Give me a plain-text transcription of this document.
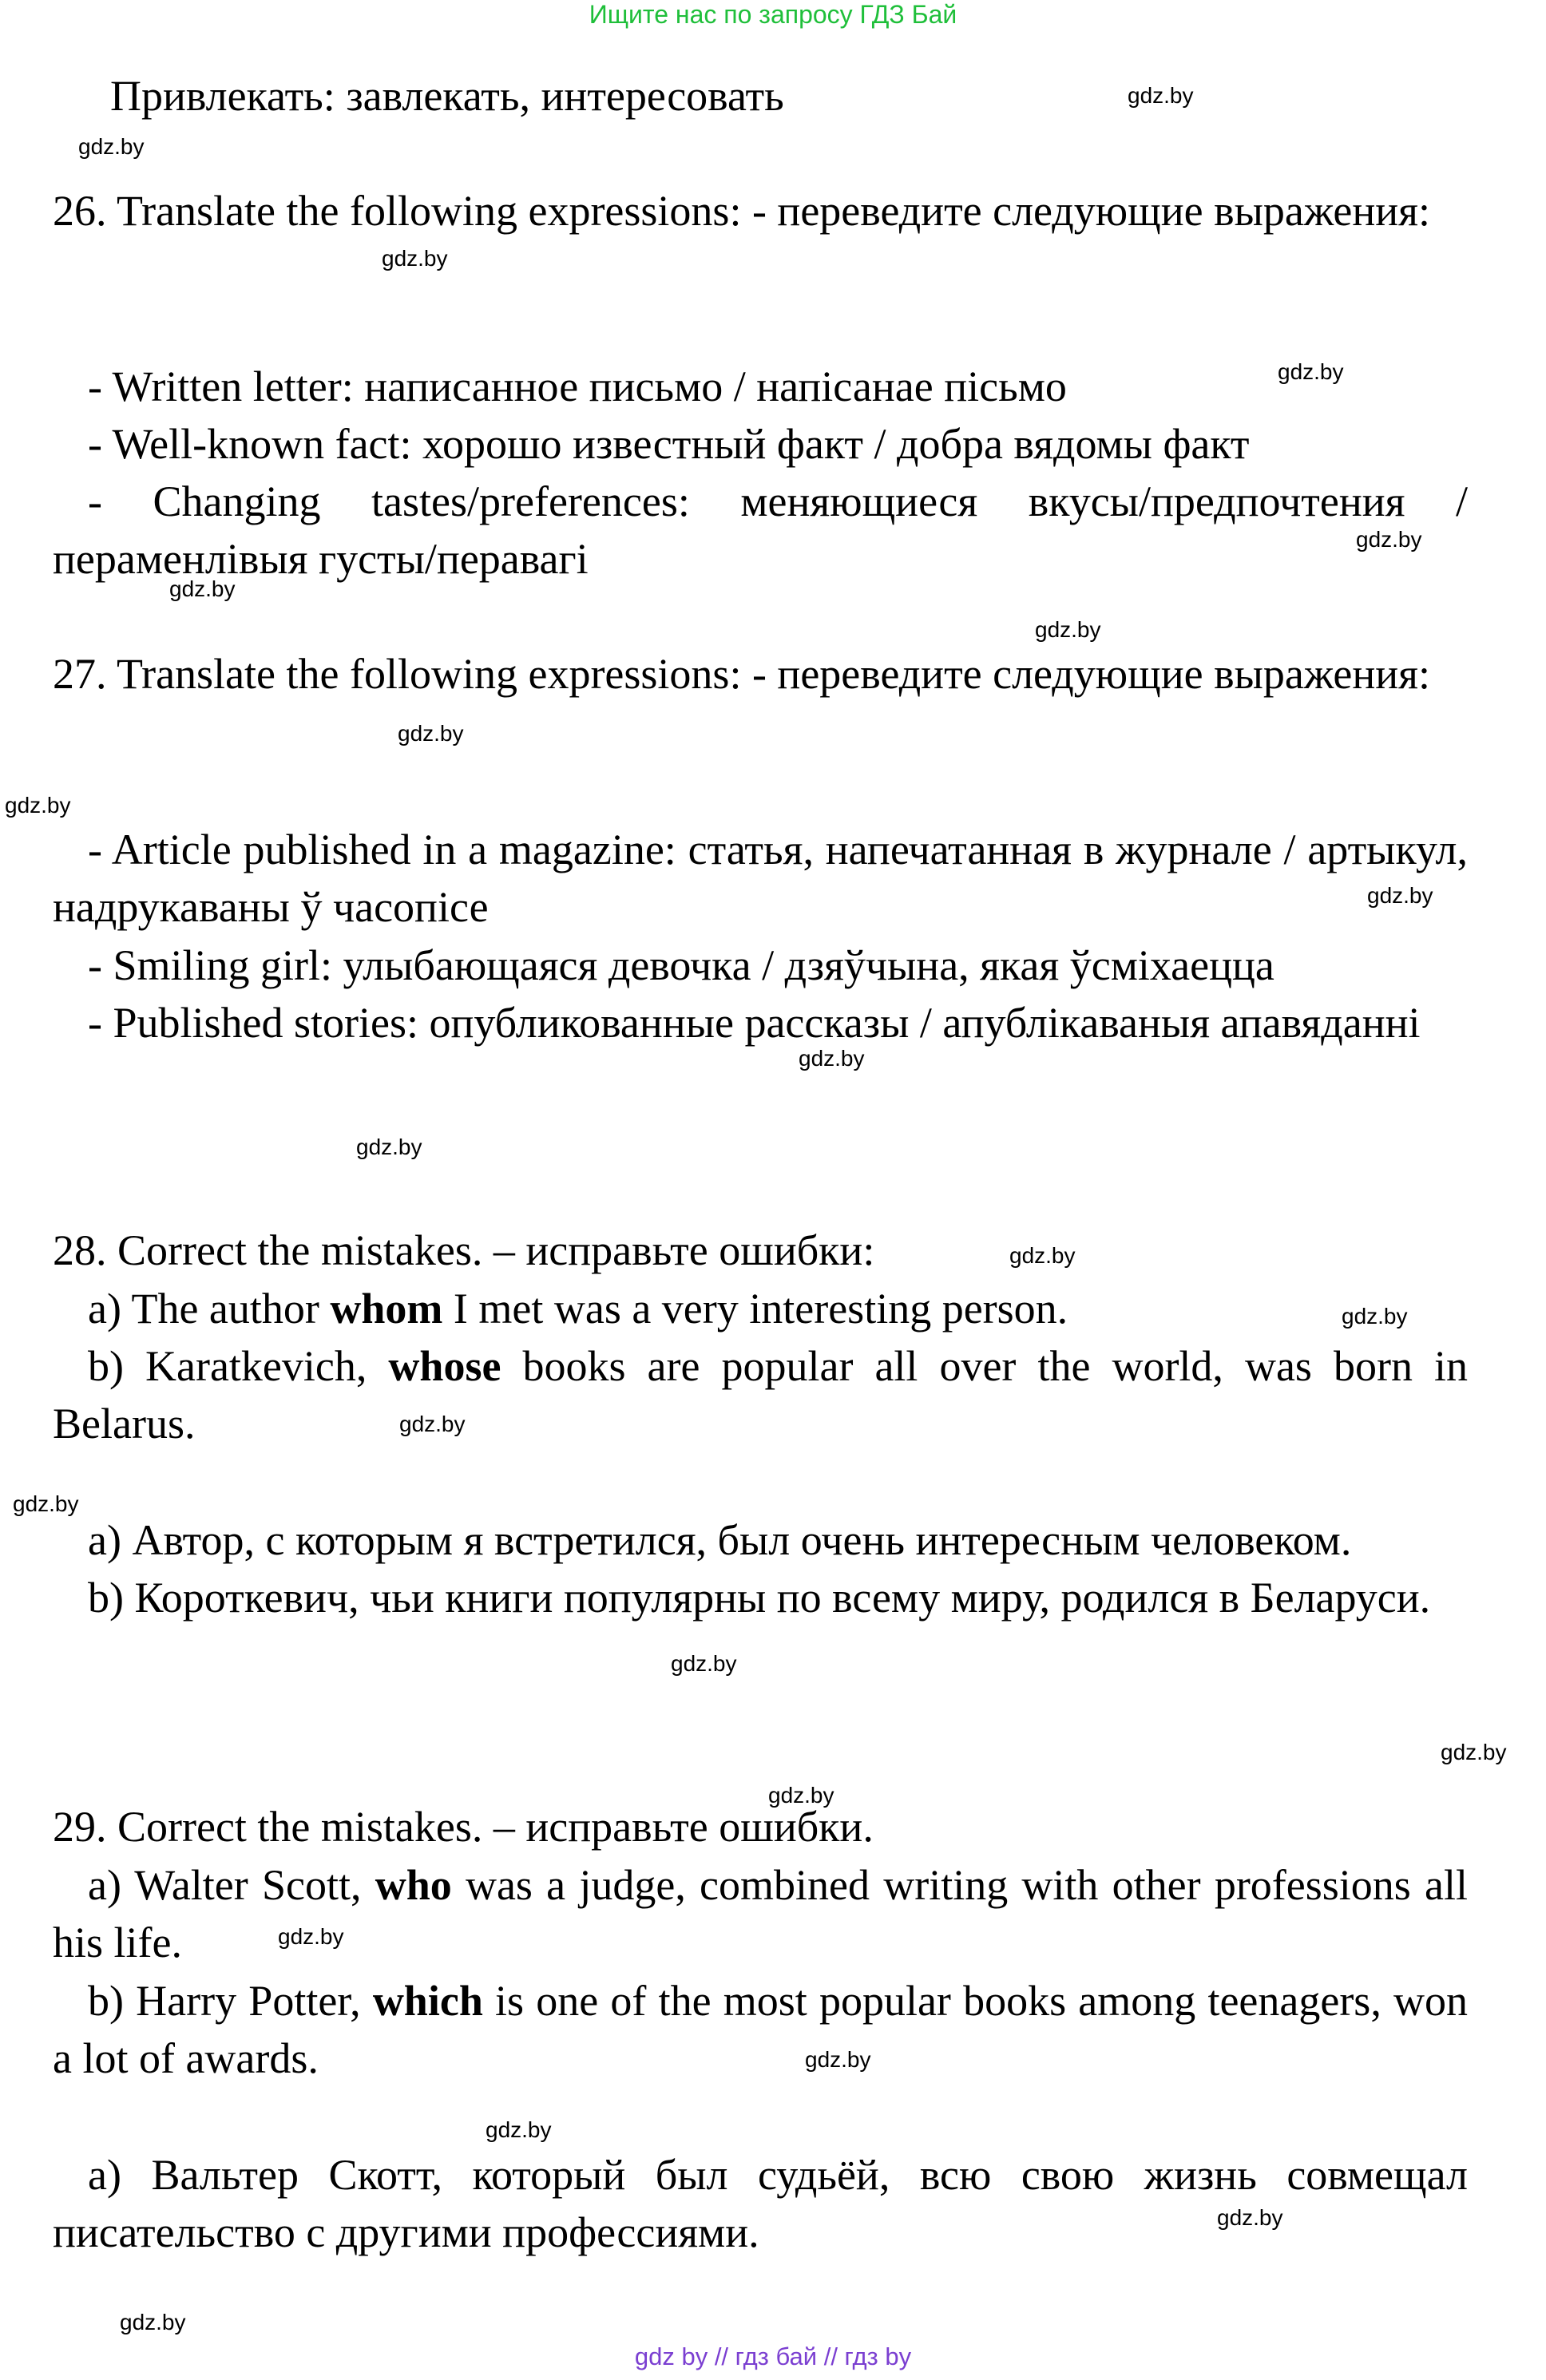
Ищите нас по запросу ГДЗ Бай
Привлекать: завлекать, интересовать
26. Translate the following expressions: - переведите следующие выражения:
- Written letter: написанное письмо / напісанае пісьмо
- Well-known fact: хорошо известный факт / добра вядомы факт
- Changing tastes/preferences: меняющиеся вкусы/предпочтения / пераменлівыя густы/перавагі
27. Translate the following expressions: - переведите следующие выражения:
- Article published in a magazine: статья, напечатанная в журнале / артыкул, надрукаваны ў часопісе
- Smiling girl: улыбающаяся девочка / дзяўчына, якая ўсміхаецца
- Published stories: опубликованные рассказы / апублікаваныя апавяданні
28. Correct the mistakes. – исправьте ошибки:
a) The author whom I met was a very interesting person.
b) Karatkevich, whose books are popular all over the world, was born in Belarus.
a) Автор, с которым я встретился, был очень интересным человеком.
b) Короткевич, чьи книги популярны по всему миру, родился в Беларуси.
29. Correct the mistakes. – исправьте ошибки.
a) Walter Scott, who was a judge, combined writing with other professions all his life.
b) Harry Potter, which is one of the most popular books among teenagers, won a lot of awards.
a) Вальтер Скотт, который был судьёй, всю свою жизнь совмещал писательство с другими профессиями.
gdz.by
gdz.by
gdz.by
gdz.by
gdz.by
gdz.by
gdz.by
gdz.by
gdz.by
gdz.by
gdz.by
gdz.by
gdz.by
gdz.by
gdz.by
gdz.by
gdz.by
gdz.by
gdz.by
gdz.by
gdz.by
gdz.by
gdz.by
gdz.by
gdz by // гдз бай // гдз by
